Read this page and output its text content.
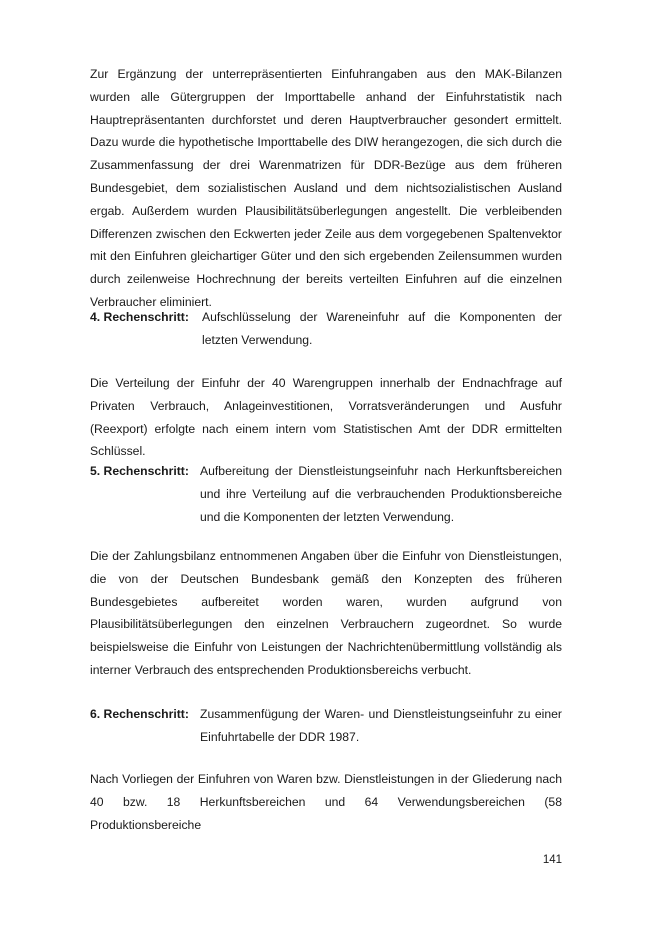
Zur Ergänzung der unterrepräsentierten Einfuhrangaben aus den MAK-Bilanzen wurden alle Gütergruppen der Importtabelle anhand der Einfuhrstatistik nach Hauptrepräsentanten durchforstet und deren Hauptverbraucher gesondert ermittelt. Dazu wurde die hypothetische Importtabelle des DIW herangezogen, die sich durch die Zusammenfassung der drei Warenmatrizen für DDR-Bezüge aus dem früheren Bundesgebiet, dem sozialistischen Ausland und dem nichtsozialistischen Ausland ergab. Außerdem wurden Plausibilitätsüberlegungen angestellt. Die verbleibenden Differenzen zwischen den Eckwerten jeder Zeile aus dem vorgegebenen Spaltenvektor mit den Einfuhren gleichartiger Güter und den sich ergebenden Zeilensummen wurden durch zeilenweise Hochrechnung der bereits verteilten Einfuhren auf die einzelnen Verbraucher eliminiert.

4. Rechenschritt:	Aufschlüsselung der Wareneinfuhr auf die Komponenten der letzten Verwendung.

Die Verteilung der Einfuhr der 40 Warengruppen innerhalb der Endnachfrage auf Privaten Verbrauch, Anlageinvestitionen, Vorratsveränderungen und Ausfuhr (Reexport) erfolgte nach einem intern vom Statistischen Amt der DDR ermittelten Schlüssel.

5. Rechenschritt: Aufbereitung der Dienstleistungseinfuhr nach Herkunftsbereichen und ihre Verteilung auf die verbrauchenden Produktionsbereiche und die Komponenten der letzten Verwendung.

Die der Zahlungsbilanz entnommenen Angaben über die Einfuhr von Dienstleistungen, die von der Deutschen Bundesbank gemäß den Konzepten des früheren Bundesgebietes aufbereitet worden waren, wurden aufgrund von Plausibilitätsüberlegungen den einzelnen Verbrauchern zugeordnet. So wurde beispielsweise die Einfuhr von Leistungen der Nachrichtenübermittlung vollständig als interner Verbrauch des entsprechenden Produktionsbereichs verbucht.

6. Rechenschritt: Zusammenfügung der Waren- und Dienstleistungseinfuhr zu einer Einfuhrtabelle der DDR 1987.

Nach Vorliegen der Einfuhren von Waren bzw. Dienstleistungen in der Gliederung nach 40 bzw. 18 Herkunftsbereichen und 64 Verwendungsbereichen (58 Produktionsbereiche

141
